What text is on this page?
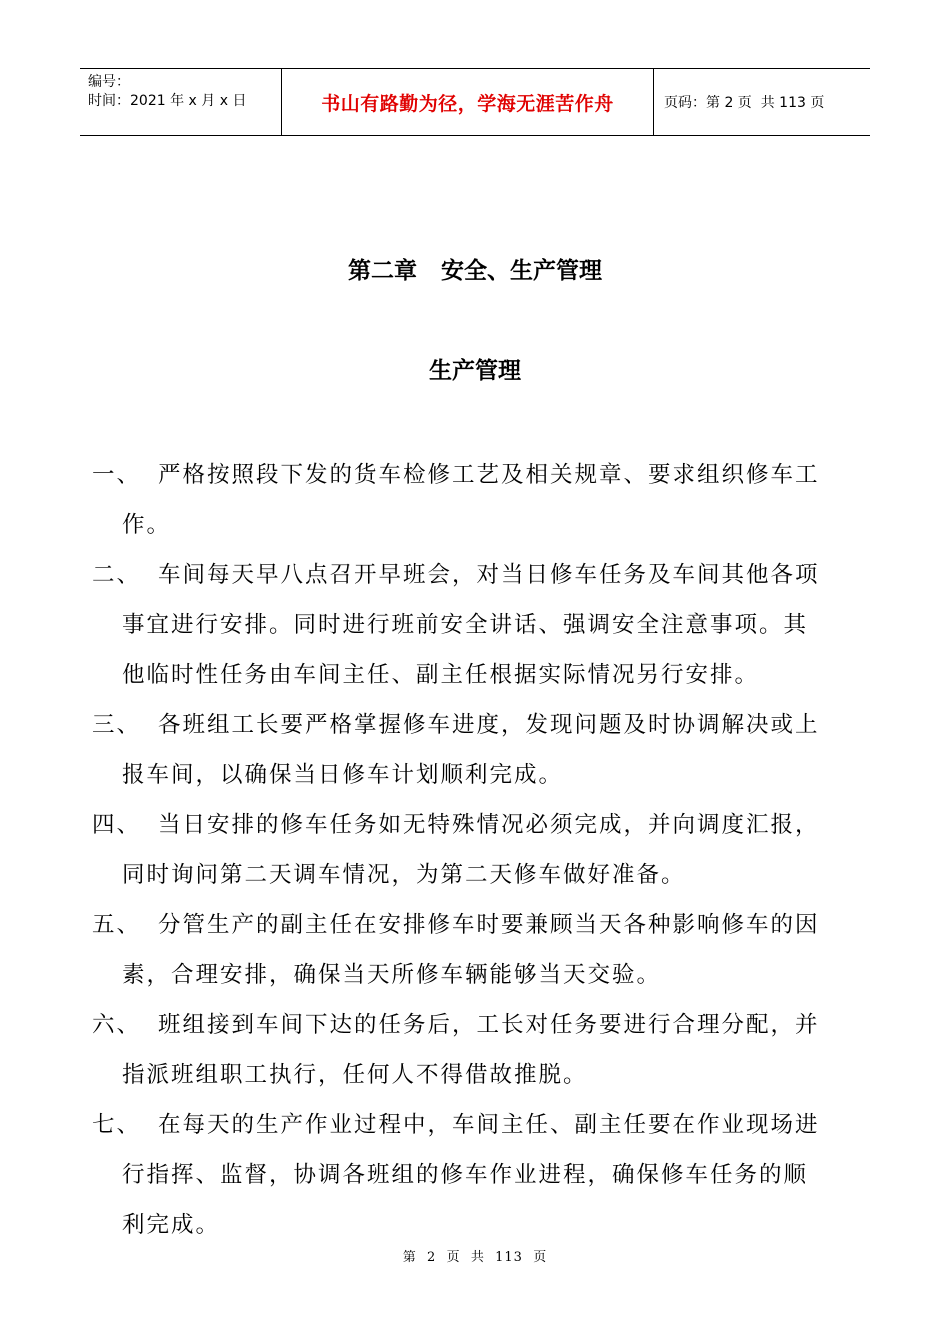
编号：
时间：2021 年 x 月 x 日	书山有路勤为径，学海无涯苦作舟	页码：第 2 页  共 113 页
第二章   安全、生产管理
生产管理
一、 严格按照段下发的货车检修工艺及相关规章、要求组织修车工
作。
二、 车间每天早八点召开早班会，对当日修车任务及车间其他各项
事宜进行安排。同时进行班前安全讲话、强调安全注意事项。其
他临时性任务由车间主任、副主任根据实际情况另行安排。
三、 各班组工长要严格掌握修车进度，发现问题及时协调解决或上
报车间，以确保当日修车计划顺利完成。
四、 当日安排的修车任务如无特殊情况必须完成，并向调度汇报，
同时询问第二天调车情况，为第二天修车做好准备。
五、 分管生产的副主任在安排修车时要兼顾当天各种影响修车的因
素，合理安排，确保当天所修车辆能够当天交验。
六、 班组接到车间下达的任务后，工长对任务要进行合理分配，并
指派班组职工执行，任何人不得借故推脱。
七、 在每天的生产作业过程中，车间主任、副主任要在作业现场进
行指挥、监督，协调各班组的修车作业进程，确保修车任务的顺
利完成。
第  2  页  共  113  页
